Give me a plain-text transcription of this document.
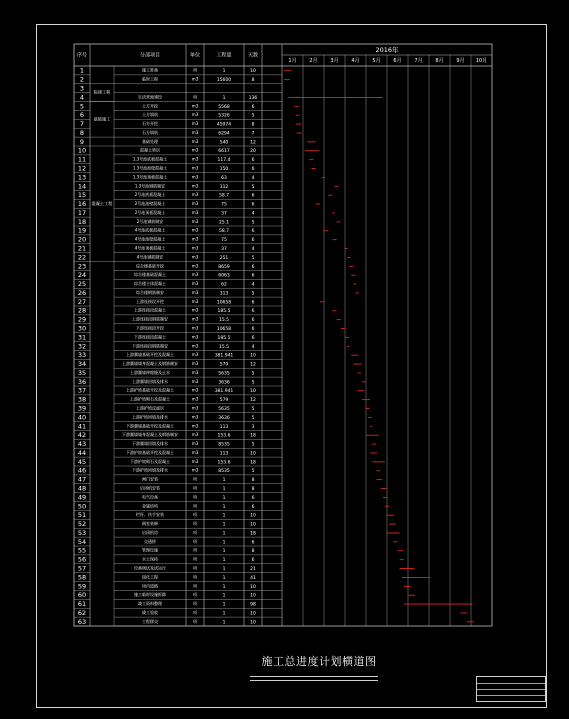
序号	分部项目	单位	工程量	天数
2016年
1月	2月	3月	4月	5月	6月	7月	8月	9月 10月
1	施工准备	项	1	10
2	临时工程	m3	15600	8
3
4	生活营地建设	项	1	136
5	土方开挖	m3	5568	6
6	土方填筑	m3	5326	5
7	石方开挖	m3	45974	8
8	石方填筑	m3	6294	7
9	基础处理	m3	540	12
10	混凝土垫层	m3	6617	20
11	1.3号池底板混凝土	m3	117.4	6
12	1.3号池池壁混凝土	m3	150	6
13	1.3号池顶板混凝土	m3	63	4
14	1.3号池钢筋制安	m3	312	5
15	2号池底板混凝土	m3	58.7	6
16	2号池池壁混凝土	m3	75	6
17	2号池顶板混凝土	m3	37	4
18	2号池钢筋制安	m3	25.1	5
19	4号池底板混凝土	m3	58.7	6
20	4号池池壁混凝土	m3	75	6
21	4号池顶板混凝土	m3	37	4
22	4号池钢筋制安	m3	251	5
23	综合楼基础开挖	m3	8659	6
24	综合楼基础混凝土	m3	6063	6
25	综合楼主体混凝土	m3	62	4
26	综合楼钢筋制安	m3	313	5
27	上游连接段开挖	m3	10658	6
28	上游连接段混凝土	m3	185.5	6
29	上游连接段钢筋制安	m3	15.5	6
30	下游连接段开挖	m3	10658	6
31	下游连接段混凝土	m3	185.5	6
32	下游连接段钢筋制安	m3	15.5	4
33	上游翼墙基础开挖及混凝土	m3	381.941	10
34	上游翼墙墙身混凝土及钢筋制安	m3	579	12
35	上游翼墙伸缩缝及止水	m3	5635	5
36	上游翼墙回填及排水	m3	3636	5
37	上游护坡基础开挖及混凝土	m3	381.941	10
38	上游护坡砌石及混凝土	m3	579	12
39	上游护坡反滤层	m3	5635	5
40	上游护坡回填及排水	m3	3636	5
41	下游翼墙基础开挖及混凝土	m3	113	3
42	下游翼墙墙身混凝土及钢筋制安	m3	153.6	18
43	下游翼墙回填及排水	m3	8535	5
44	下游护坡基础开挖及混凝土	m3	113	10
45	下游护坡砌石及混凝土	m3	153.6	18
46	下游护坡回填及排水	m3	8535	5
47	闸门安装	项	1	8
48	启闭机安装	项	1	8
49	电气设备	项	1	6
50	金属结构	项	1	6
51	栏杆、扶手安装	项	1	10
52	闸室装修	项	1	10
53	启闭机房	项	1	18
54	交通桥	项	1	6
55	管理设施	项	1	8
56	水土保持	项	1	6
57	设备调试及试运行	项	1	21
58	绿化工程	项	1	41
59	场内道路	项	1	10
60	施工临时设施拆除	项	1	10
61	竣工资料整理	项	1	98
62	竣工验收	项	1	10
63	工程移交	项	1	10
临建工程
基础施工
混凝土工程
施工总进度计划横道图
